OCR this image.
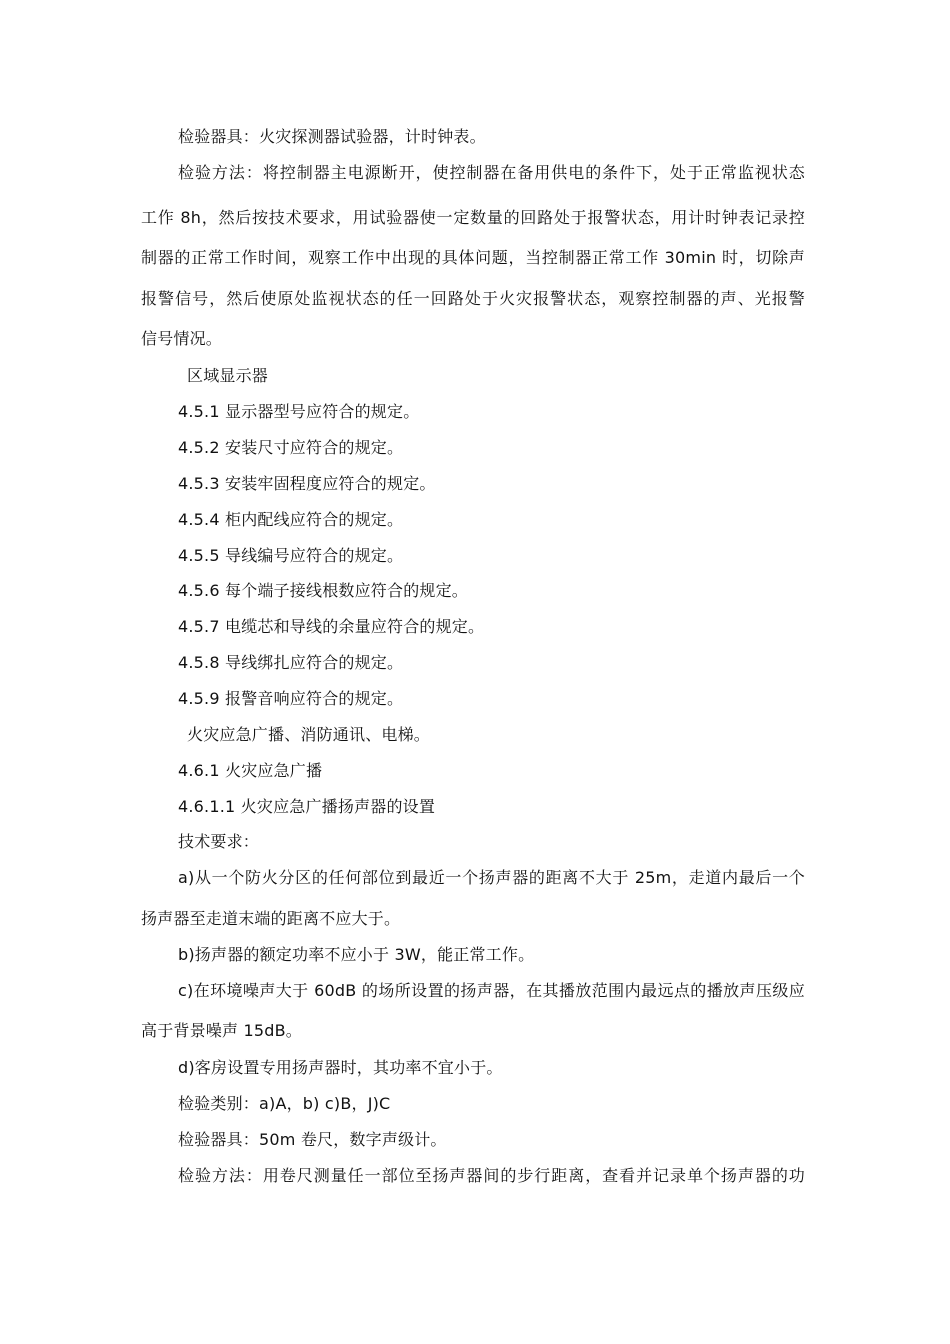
检验器具：火灾探测器试验器，计时钟表。
检验方法：将控制器主电源断开，使控制器在备用供电的条件下，处于正常监视状态
工作 8h，然后按技术要求，用试验器使一定数量的回路处于报警状态，用计时钟表记录控
制器的正常工作时间，观察工作中出现的具体问题，当控制器正常工作 30min 时，切除声
报警信号，然后使原处监视状态的任一回路处于火灾报警状态，观察控制器的声、光报警
信号情况。
区域显示器
4.5.1 显示器型号应符合的规定。
4.5.2 安装尺寸应符合的规定。
4.5.3 安装牢固程度应符合的规定。
4.5.4 柜内配线应符合的规定。
4.5.5 导线编号应符合的规定。
4.5.6 每个端子接线根数应符合的规定。
4.5.7 电缆芯和导线的余量应符合的规定。
4.5.8 导线绑扎应符合的规定。
4.5.9 报警音响应符合的规定。
火灾应急广播、消防通讯、电梯。
4.6.1 火灾应急广播
4.6.1.1 火灾应急广播扬声器的设置
技术要求：
a)从一个防火分区的任何部位到最近一个扬声器的距离不大于 25m，走道内最后一个
扬声器至走道末端的距离不应大于。
b)扬声器的额定功率不应小于 3W，能正常工作。
c)在环境噪声大于 60dB 的场所设置的扬声器，在其播放范围内最远点的播放声压级应
高于背景噪声 15dB。
d)客房设置专用扬声器时，其功率不宜小于。
检验类别：a)A，b) c)B，J)C
检验器具：50m 卷尺，数字声级计。
检验方法：用卷尺测量任一部位至扬声器间的步行距离，查看并记录单个扬声器的功
